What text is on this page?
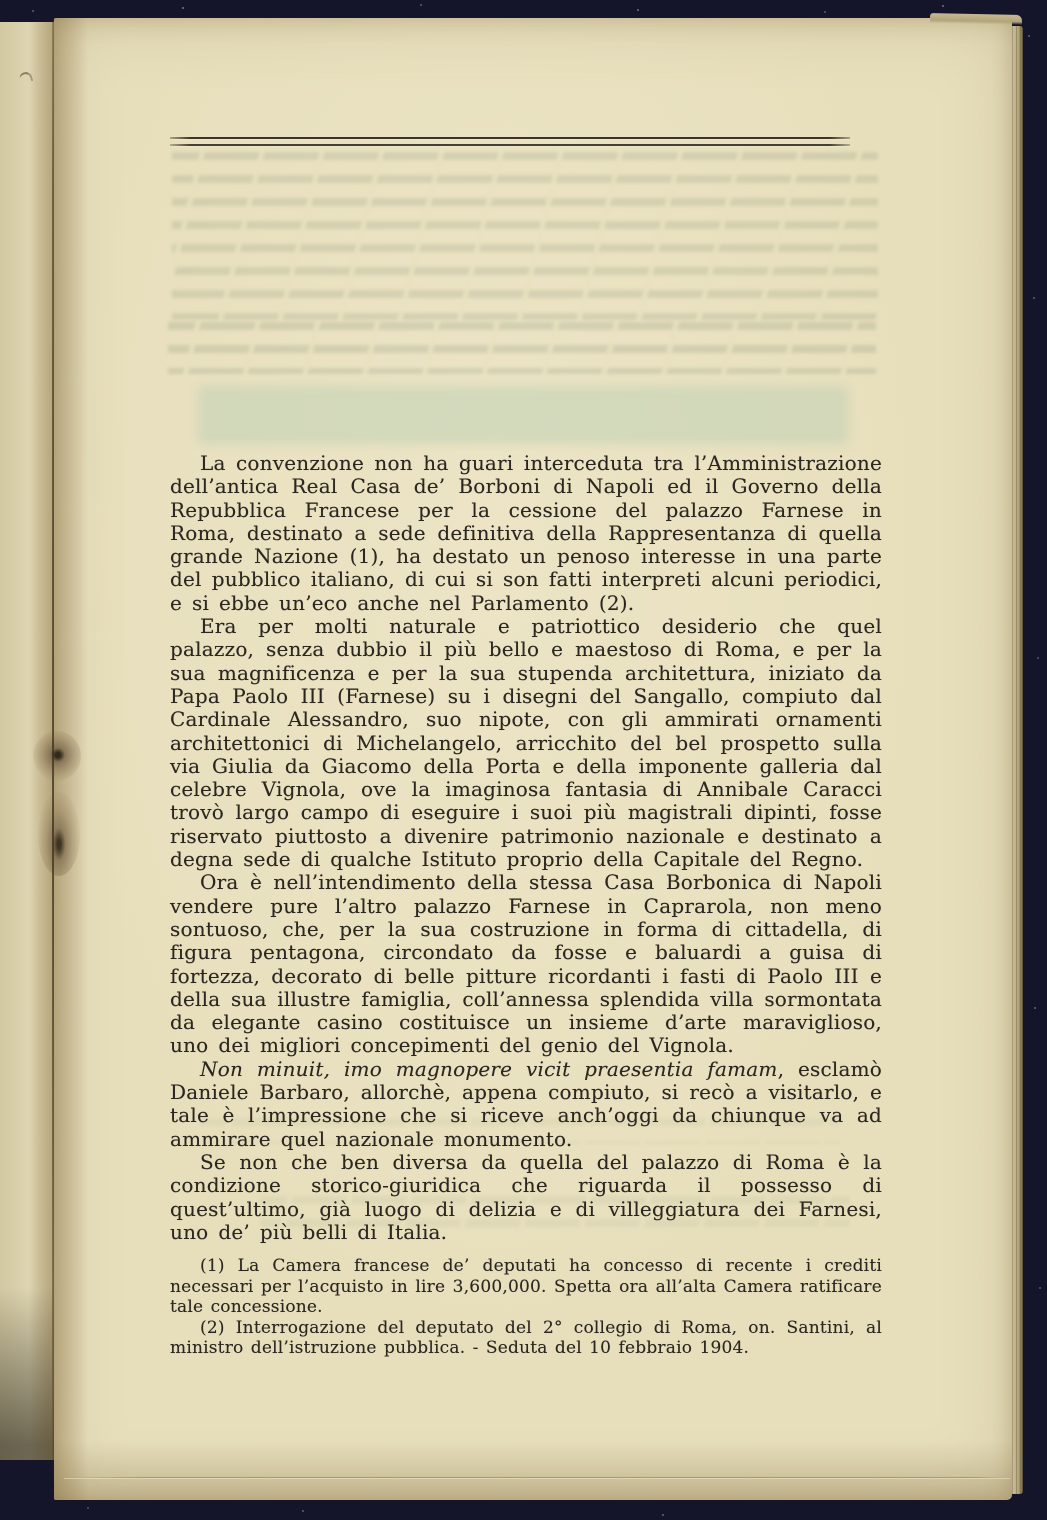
La convenzione non ha guari interceduta tra l’Amministrazione dell’antica Real Casa de’ Borboni di Napoli ed il Governo della Repubblica Francese per la cessione del palazzo Farnese in Roma, destinato a sede definitiva della Rappresentanza di quella grande Nazione (1), ha destato un penoso interesse in una parte del pubblico italiano, di cui si son fatti interpreti alcuni periodici, e si ebbe un’eco anche nel Parlamento (2).

Era per molti naturale e patriottico desiderio che quel palazzo, senza dubbio il più bello e maestoso di Roma, e per la sua magnificenza e per la sua stupenda architettura, iniziato da Papa Paolo III (Farnese) su i disegni del Sangallo, compiuto dal Cardinale Alessandro, suo nipote, con gli ammirati ornamenti architettonici di Michelangelo, arricchito del bel prospetto sulla via Giulia da Giacomo della Porta e della imponente galleria dal celebre Vignola, ove la imaginosa fantasia di Annibale Caracci trovò largo campo di eseguire i suoi più magistrali dipinti, fosse riservato piuttosto a divenire patrimonio nazionale e destinato a degna sede di qualche Istituto proprio della Capitale del Regno.

Ora è nell’intendimento della stessa Casa Borbonica di Napoli vendere pure l’altro palazzo Farnese in Caprarola, non meno sontuoso, che, per la sua costruzione in forma di cittadella, di figura pentagona, circondato da fosse e baluardi a guisa di fortezza, decorato di belle pitture ricordanti i fasti di Paolo III e della sua illustre famiglia, coll’annessa splendida villa sormontata da elegante casino costituisce un insieme d’arte maraviglioso, uno dei migliori concepimenti del genio del Vignola.

Non minuit, imo magnopere vicit praesentia famam, esclamò Daniele Barbaro, allorchè, appena compiuto, si recò a visitarlo, e tale è l’impressione che si riceve anch’oggi da chiunque va ad ammirare quel nazionale monumento.

Se non che ben diversa da quella del palazzo di Roma è la condizione storico-giuridica che riguarda il possesso di quest’ultimo, già luogo di delizia e di villeggiatura dei Farnesi, uno de’ più belli di Italia.

(1) La Camera francese de’ deputati ha concesso di recente i crediti necessari per l’acquisto in lire 3,600,000. Spetta ora all’alta Camera ratificare tale concessione.

(2) Interrogazione del deputato del 2° collegio di Roma, on. Santini, al ministro dell’istruzione pubblica. - Seduta del 10 febbraio 1904.
